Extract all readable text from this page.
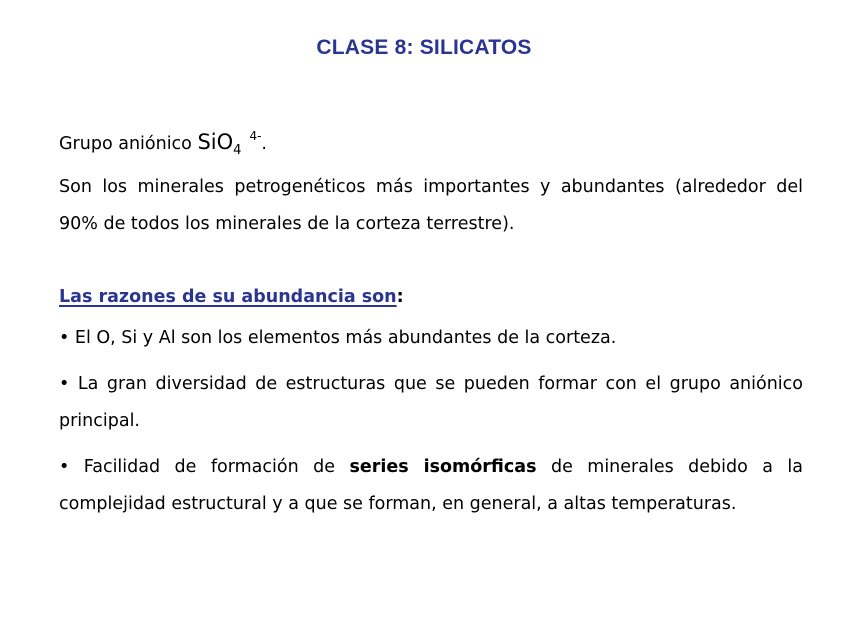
CLASE 8: SILICATOS

Grupo aniónico SiO$_4^{4-}$.

Son los minerales petrogenéticos más importantes y abundantes (alrededor del 90% de todos los minerales de la corteza terrestre).

Las razones de su abundancia son:

• El O, Si y Al son los elementos más abundantes de la corteza.

• La gran diversidad de estructuras que se pueden formar con el grupo aniónico principal.

• Facilidad de formación de series isomórficas de minerales debido a la complejidad estructural y a que se forman, en general, a altas temperaturas.
